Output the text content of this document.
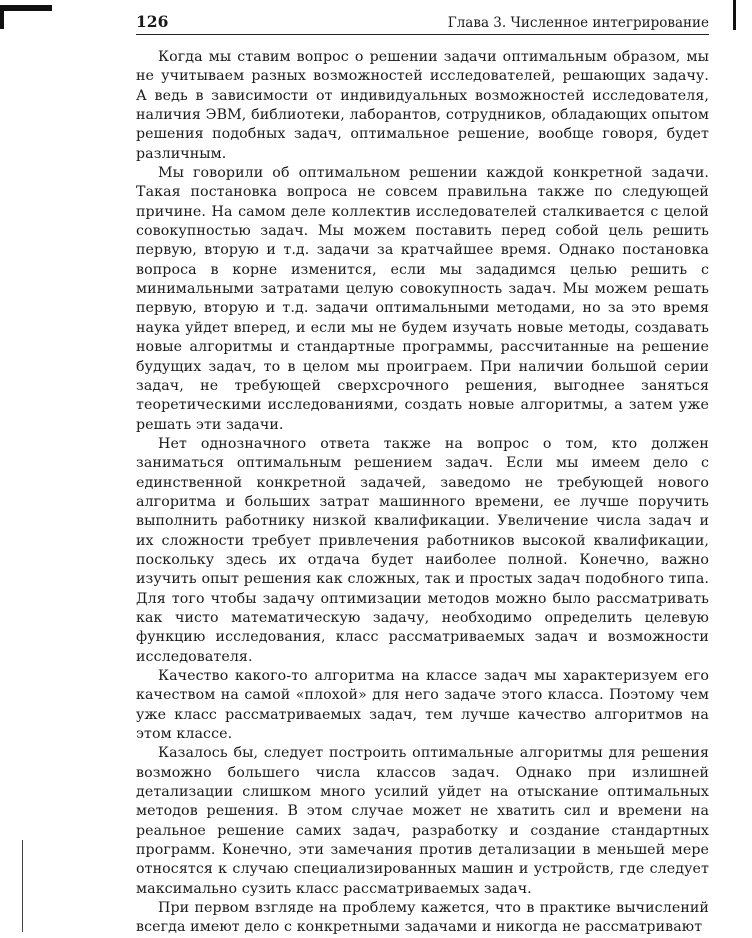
126	Глава 3. Численное интегрирование

Когда мы ставим вопрос о решении задачи оптимальным образом, мы не учитываем разных возможностей исследователей, решающих задачу. А ведь в зависимости от индивидуальных возможностей исследователя, наличия ЭВМ, библиотеки, лаборантов, сотрудников, обладающих опытом решения подобных задач, оптимальное решение, вообще говоря, будет различным.

Мы говорили об оптимальном решении каждой конкретной задачи. Такая постановка вопроса не совсем правильна также по следующей причине. На самом деле коллектив исследователей сталкивается с целой совокупностью задач. Мы можем поставить перед собой цель решить первую, вторую и т.д. задачи за кратчайшее время. Однако постановка вопроса в корне изменится, если мы зададимся целью решить с минимальными затратами целую совокупность задач. Мы можем решать первую, вторую и т.д. задачи оптимальными методами, но за это время наука уйдет вперед, и если мы не будем изучать новые методы, создавать новые алгоритмы и стандартные программы, рассчитанные на решение будущих задач, то в целом мы проиграем. При наличии большой серии задач, не требующей сверхсрочного решения, выгоднее заняться теоретическими исследованиями, создать новые алгоритмы, а затем уже решать эти задачи.

Нет однозначного ответа также на вопрос о том, кто должен заниматься оптимальным решением задач. Если мы имеем дело с единственной конкретной задачей, заведомо не требующей нового алгоритма и больших затрат машинного времени, ее лучше поручить выполнить работнику низкой квалификации. Увеличение числа задач и их сложности требует привлечения работников высокой квалификации, поскольку здесь их отдача будет наиболее полной. Конечно, важно изучить опыт решения как сложных, так и простых задач подобного типа. Для того чтобы задачу оптимизации методов можно было рассматривать как чисто математическую задачу, необходимо определить целевую функцию исследования, класс рассматриваемых задач и возможности исследователя.

Качество какого-то алгоритма на классе задач мы характеризуем его качеством на самой «плохой» для него задаче этого класса. Поэтому чем уже класс рассматриваемых задач, тем лучше качество алгоритмов на этом классе.

Казалось бы, следует построить оптимальные алгоритмы для решения возможно большего числа классов задач. Однако при излишней детализации слишком много усилий уйдет на отыскание оптимальных методов решения. В этом случае может не хватить сил и времени на реальное решение самих задач, разработку и создание стандартных программ. Конечно, эти замечания против детализации в меньшей мере относятся к случаю специализированных машин и устройств, где следует максимально сузить класс рассматриваемых задач.

При первом взгляде на проблему кажется, что в практике вычислений всегда имеют дело с конкретными задачами и никогда не рассматривают
